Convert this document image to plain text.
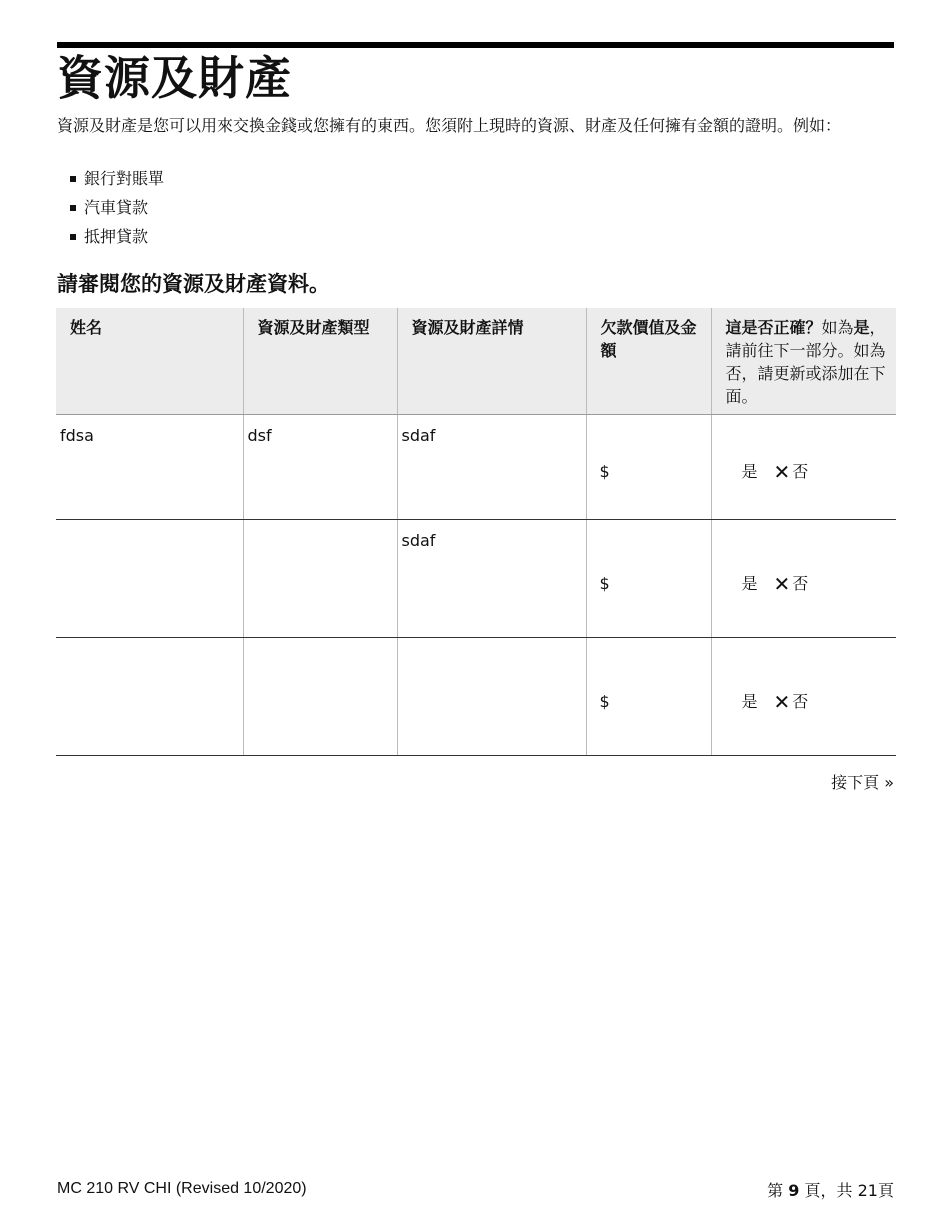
資源及財產

資源及財產是您可以用來交換金錢或您擁有的東西。您須附上現時的資源、財產及任何擁有金額的證明。例如：

銀行對賬單
汽車貸款
抵押貸款
請審閱您的資源及財產資料。
姓名	資源及財產類型	資源及財產詳情	欠款價值及金額	這是否正確？如為是，請前往下一部分。如為否，請更新或添加在下面。
fdsa	dsf	sdaf	$	是 ✕ 否
		sdaf	$	是 ✕ 否
			$	是 ✕ 否
接下頁 »
MC 210 RV CHI (Revised 10/2020)	第 9 頁，共 21頁
